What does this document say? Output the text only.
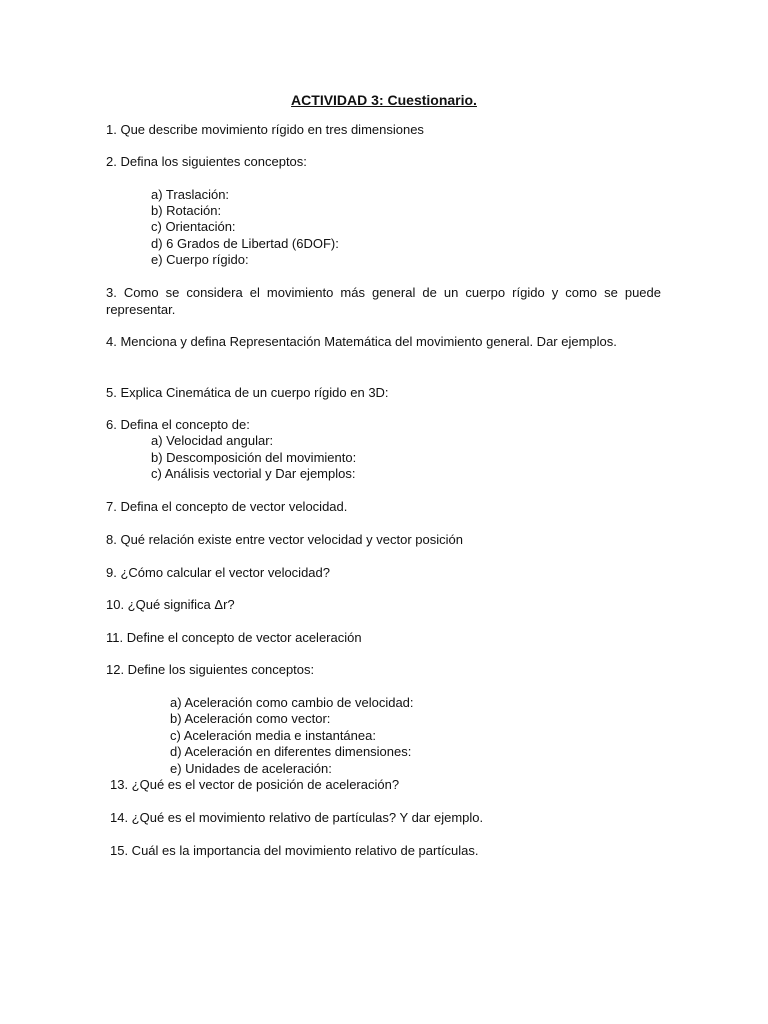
ACTIVIDAD 3: Cuestionario.
1. Que describe movimiento rígido en tres dimensiones
2. Defina los siguientes conceptos:
a) Traslación:
b) Rotación:
c) Orientación:
d) 6 Grados de Libertad (6DOF):
e) Cuerpo rígido:
3. Como se considera el movimiento más general de un cuerpo rígido y como se puede representar.
4. Menciona y defina Representación Matemática del movimiento general. Dar ejemplos.
5. Explica Cinemática de un cuerpo rígido en 3D:
6. Defina el concepto de:
a) Velocidad angular:
b) Descomposición del movimiento:
c) Análisis vectorial y Dar ejemplos:
7. Defina el concepto de vector velocidad.
8. Qué relación existe entre vector velocidad y vector posición
9. ¿Cómo calcular el vector velocidad?
10. ¿Qué significa Δr?
11. Define el concepto de vector aceleración
12. Define los siguientes conceptos:
a) Aceleración como cambio de velocidad:
b) Aceleración como vector:
c) Aceleración media e instantánea:
d) Aceleración en diferentes dimensiones:
e) Unidades de aceleración:
13. ¿Qué es el vector de posición de aceleración?
14. ¿Qué es el movimiento relativo de partículas? Y dar ejemplo.
15. Cuál es la importancia del movimiento relativo de partículas.
